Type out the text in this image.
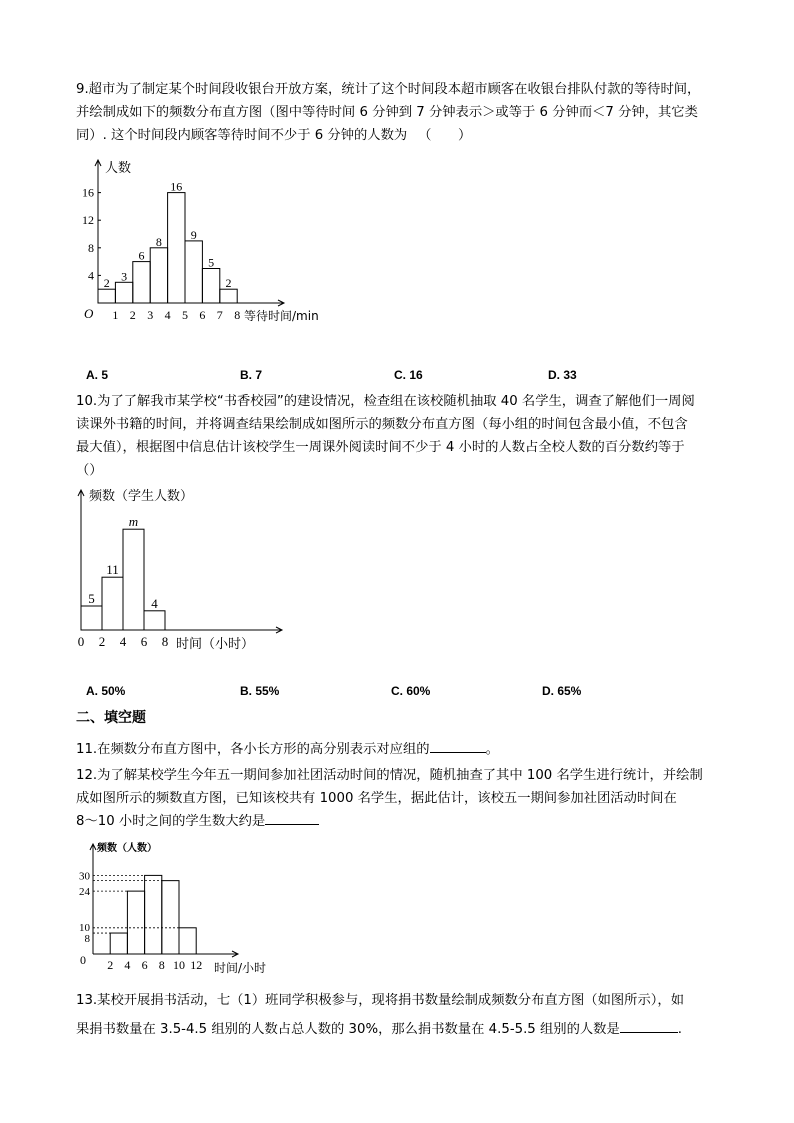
9.超市为了制定某个时间段收银台开放方案，统计了这个时间段本超市顾客在收银台排队付款的等待时间，
并绘制成如下的频数分布直方图（图中等待时间 6 分钟到 7 分钟表示＞或等于 6 分钟而＜7 分钟，其它类
同）. 这个时间段内顾客等待时间不少于 6 分钟的人数为 　（　　）
人数
等待时间/min
O
4
8
12
16
1 2 3 4 5 6 7 8
2 3
6
8
16
9
5
2
A. 5	B. 7	C. 16	D. 33
10.为了了解我市某学校“书香校园”的建设情况，检查组在该校随机抽取 40 名学生，调查了解他们一周阅
读课外书籍的时间，并将调查结果绘制成如图所示的频数分布直方图（每小组的时间包含最小值，不包含
最大值），根据图中信息估计该校学生一周课外阅读时间不少于 4 小时的人数占全校人数的百分数约等于
（）
频数（学生人数）
时间（小时）
0 2 4 6 8
5
11
m
4
A. 50%	B. 55%	C. 60%	D. 65%
二、填空题
11.在频数分布直方图中，各小长方形的高分别表示对应组的	。
12.为了解某校学生今年五一期间参加社团活动时间的情况，随机抽查了其中 100 名学生进行统计，并绘制
成如图所示的频数直方图，已知该校共有 1000 名学生，据此估计，该校五一期间参加社团活动时间在
8～10 小时之间的学生数大约是
频数（人数）
时间/小时
0
8
10
24
30
2 4 6 8 10 12
13.某校开展捐书活动，七（1）班同学积极参与，现将捐书数量绘制成频数分布直方图（如图所示），如
果捐书数量在 3.5-4.5 组别的人数占总人数的 30%，那么捐书数量在 4.5-5.5 组别的人数是	.
